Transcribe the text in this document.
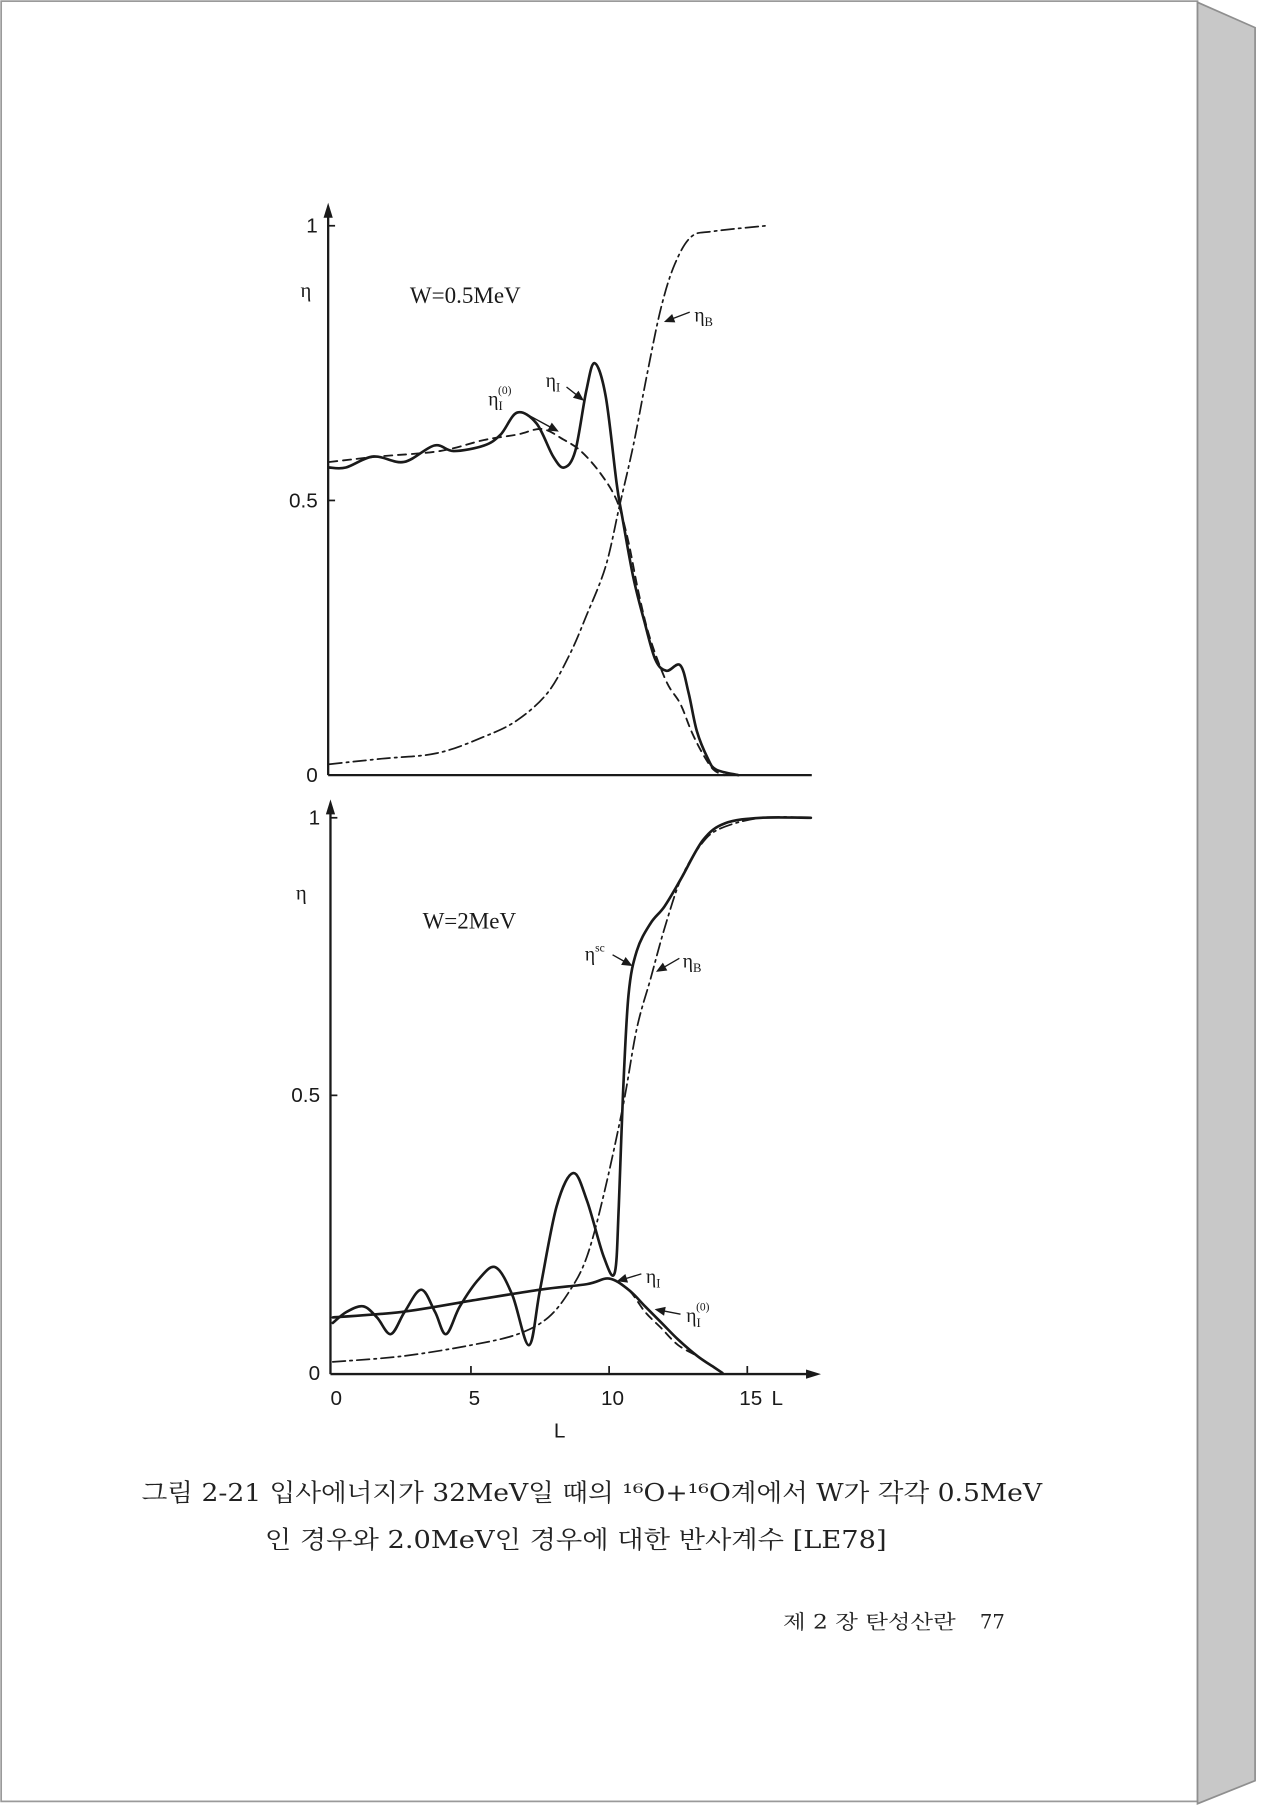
η	W=0.5MeV
1
0.5
0
$\eta_B$
$\eta_I$
$\eta_I(0)$
η
W=2MeV
L
L
1
0.5
0
0	5	10	15
$\eta^{sc}$
$\eta_B$
$\eta_I$
$\eta_I(0)$
그림 2-21 입사에너지가 32MeV일 때의 ¹⁶O+¹⁶O계에서 W가 각각 0.5MeV
인 경우와 2.0MeV인 경우에 대한 반사계수 [LE78]
제 2 장 탄성산란 77
